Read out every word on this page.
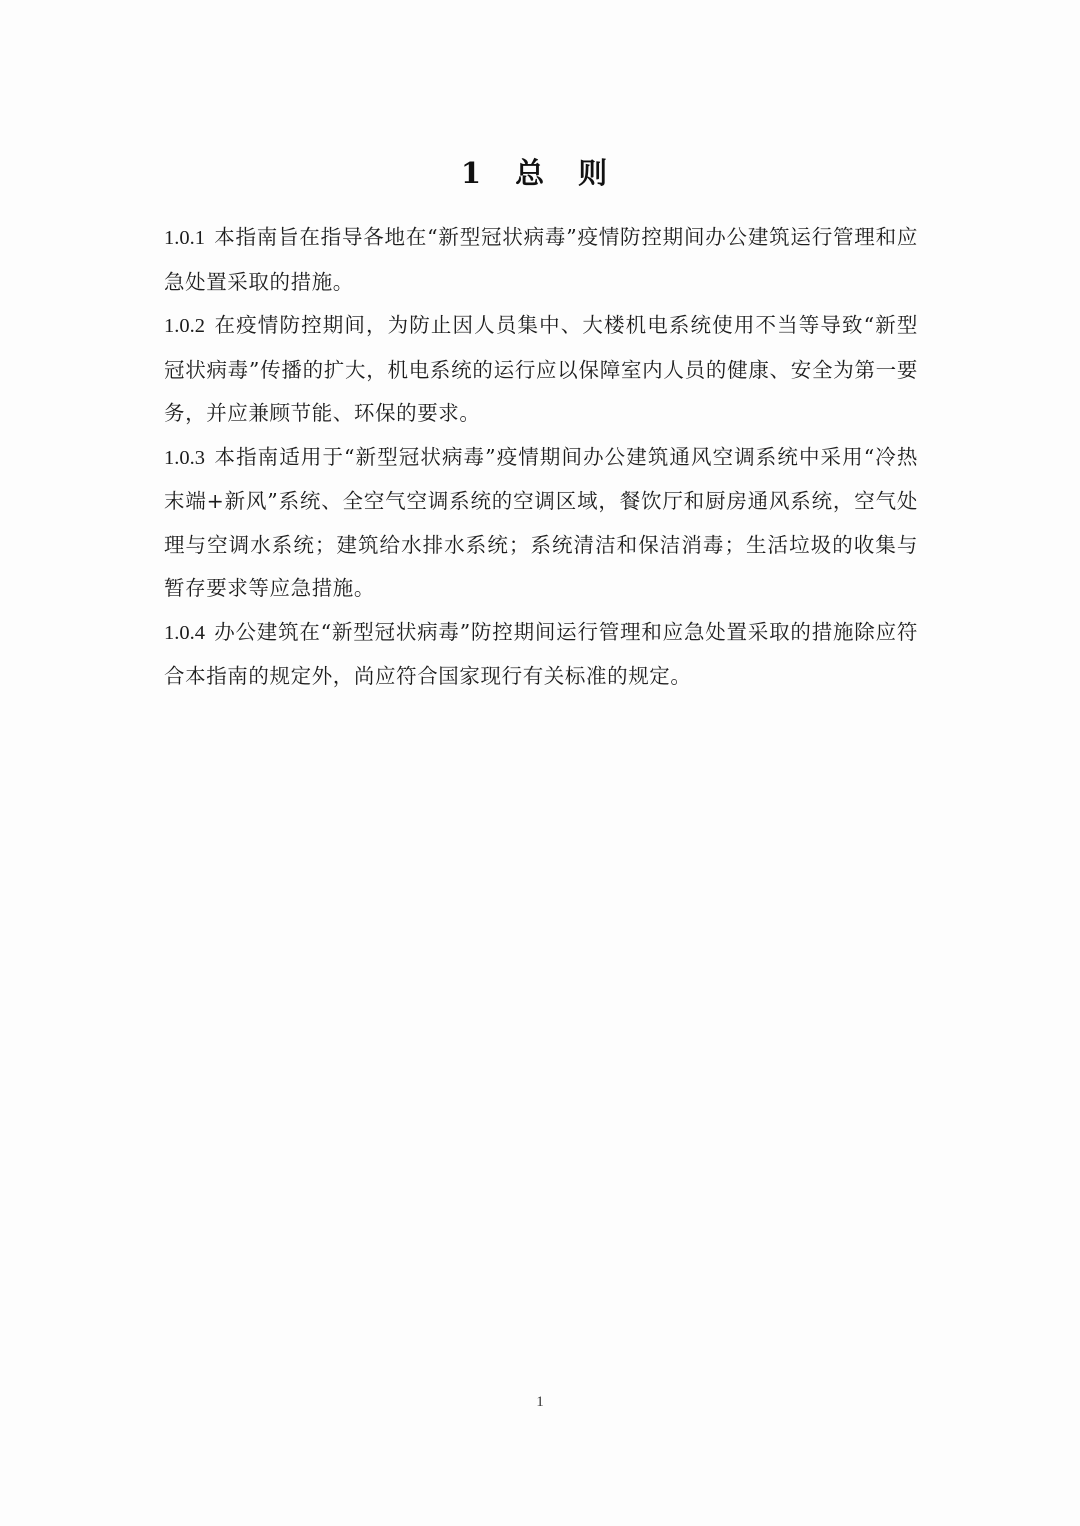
1 总 则

1.0.1 本指南旨在指导各地在“新型冠状病毒”疫情防控期间办公建筑运行管理和应急处置采取的措施。

1.0.2 在疫情防控期间，为防止因人员集中、大楼机电系统使用不当等导致“新型冠状病毒”传播的扩大，机电系统的运行应以保障室内人员的健康、安全为第一要务，并应兼顾节能、环保的要求。

1.0.3 本指南适用于“新型冠状病毒”疫情期间办公建筑通风空调系统中采用“冷热末端+新风”系统、全空气空调系统的空调区域，餐饮厅和厨房通风系统，空气处理与空调水系统；建筑给水排水系统；系统清洁和保洁消毒；生活垃圾的收集与暂存要求等应急措施。

1.0.4 办公建筑在“新型冠状病毒”防控期间运行管理和应急处置采取的措施除应符合本指南的规定外，尚应符合国家现行有关标准的规定。

1
